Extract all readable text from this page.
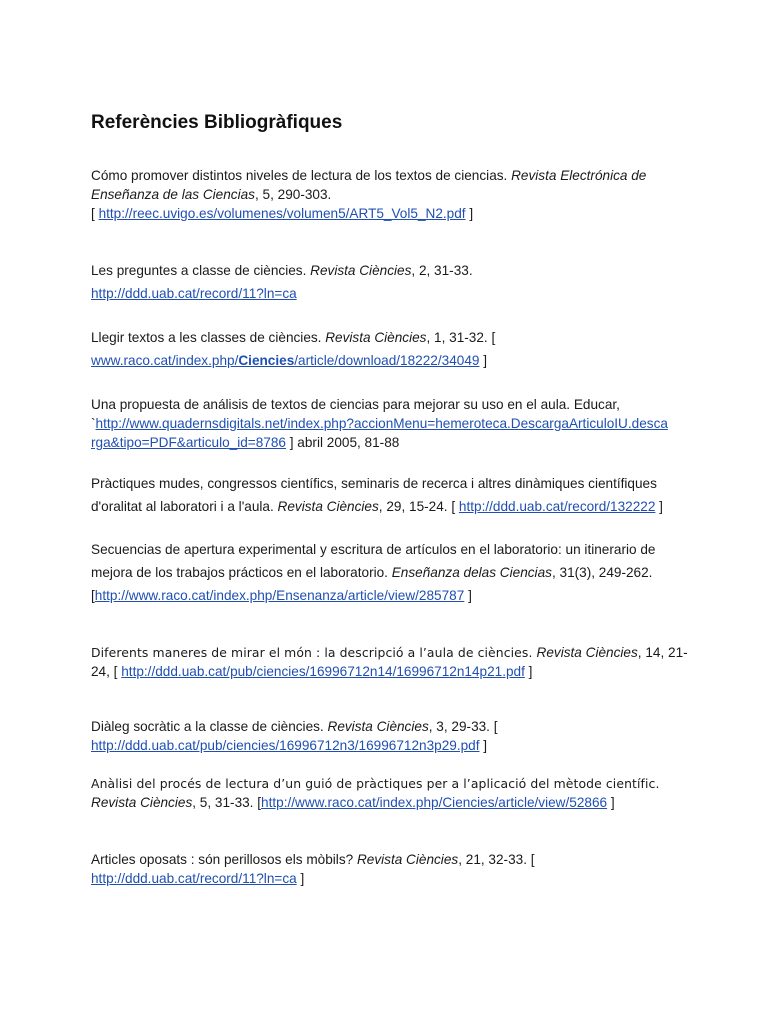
Referències Bibliogràfiques

Cómo promover distintos niveles de lectura de los textos de ciencias. Revista Electrónica de
Enseñanza de las Ciencias, 5, 290-303.
[ http://reec.uvigo.es/volumenes/volumen5/ART5_Vol5_N2.pdf ]

Les preguntes a classe de ciències. Revista Ciències, 2, 31-33.
http://ddd.uab.cat/record/11?ln=ca

Llegir textos a les classes de ciències. Revista Ciències, 1, 31-32. [
www.raco.cat/index.php/Ciencies/article/download/18222/34049 ]

Una propuesta de análisis de textos de ciencias para mejorar su uso en el aula. Educar,
`http://www.quadernsdigitals.net/index.php?accionMenu=hemeroteca.DescargaArticuloIU.desca
rga&tipo=PDF&articulo_id=8786 ] abril 2005, 81-88

Pràctiques mudes, congressos científics, seminaris de recerca i altres dinàmiques científiques
d'oralitat al laboratori i a l'aula. Revista Ciències, 29, 15-24. [ http://ddd.uab.cat/record/132222 ]

Secuencias de apertura experimental y escritura de artículos en el laboratorio: un itinerario de
mejora de los trabajos prácticos en el laboratorio. Enseñanza delas Ciencias, 31(3), 249-262.
[http://www.raco.cat/index.php/Ensenanza/article/view/285787 ]

Diferents maneres de mirar el món : la descripció a l’aula de ciències. Revista Ciències, 14, 21-
24, [ http://ddd.uab.cat/pub/ciencies/16996712n14/16996712n14p21.pdf ]

Diàleg socràtic a la classe de ciències. Revista Ciències, 3, 29-33. [
http://ddd.uab.cat/pub/ciencies/16996712n3/16996712n3p29.pdf ]

Anàlisi del procés de lectura d’un guió de pràctiques per a l’aplicació del mètode científic.
Revista Ciències, 5, 31-33. [http://www.raco.cat/index.php/Ciencies/article/view/52866 ]

Articles oposats : són perillosos els mòbils? Revista Ciències, 21, 32-33. [
http://ddd.uab.cat/record/11?ln=ca ]
